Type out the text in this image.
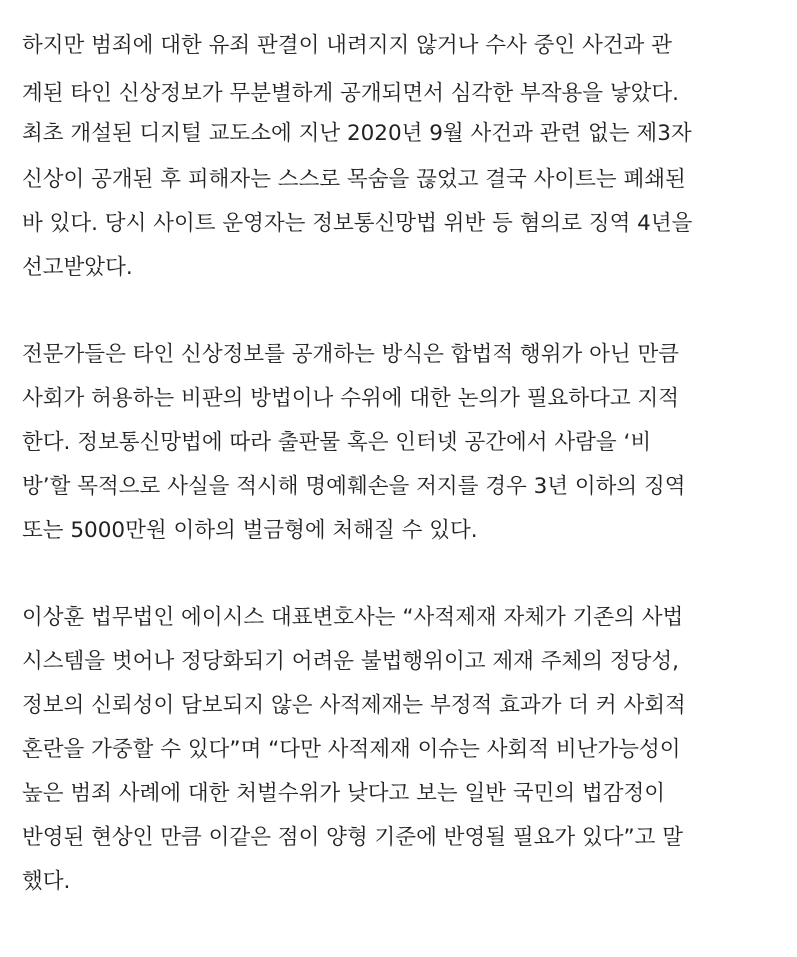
하지만 범죄에 대한 유죄 판결이 내려지지 않거나 수사 중인 사건과 관
계된 타인 신상정보가 무분별하게 공개되면서 심각한 부작용을 낳았다.
최초 개설된 디지털 교도소에 지난 2020년 9월 사건과 관련 없는 제3자
신상이 공개된 후 피해자는 스스로 목숨을 끊었고 결국 사이트는 폐쇄된
바 있다. 당시 사이트 운영자는 정보통신망법 위반 등 혐의로 징역 4년을
선고받았다.
전문가들은 타인 신상정보를 공개하는 방식은 합법적 행위가 아닌 만큼
사회가 허용하는 비판의 방법이나 수위에 대한 논의가 필요하다고 지적
한다. 정보통신망법에 따라 출판물 혹은 인터넷 공간에서 사람을 ‘비
방’할 목적으로 사실을 적시해 명예훼손을 저지를 경우 3년 이하의 징역
또는 5000만원 이하의 벌금형에 처해질 수 있다.
이상훈 법무법인 에이시스 대표변호사는 “사적제재 자체가 기존의 사법
시스템을 벗어나 정당화되기 어려운 불법행위이고 제재 주체의 정당성,
정보의 신뢰성이 담보되지 않은 사적제재는 부정적 효과가 더 커 사회적
혼란을 가중할 수 있다”며 “다만 사적제재 이슈는 사회적 비난가능성이
높은 범죄 사례에 대한 처벌수위가 낮다고 보는 일반 국민의 법감정이
반영된 현상인 만큼 이같은 점이 양형 기준에 반영될 필요가 있다”고 말
했다.
